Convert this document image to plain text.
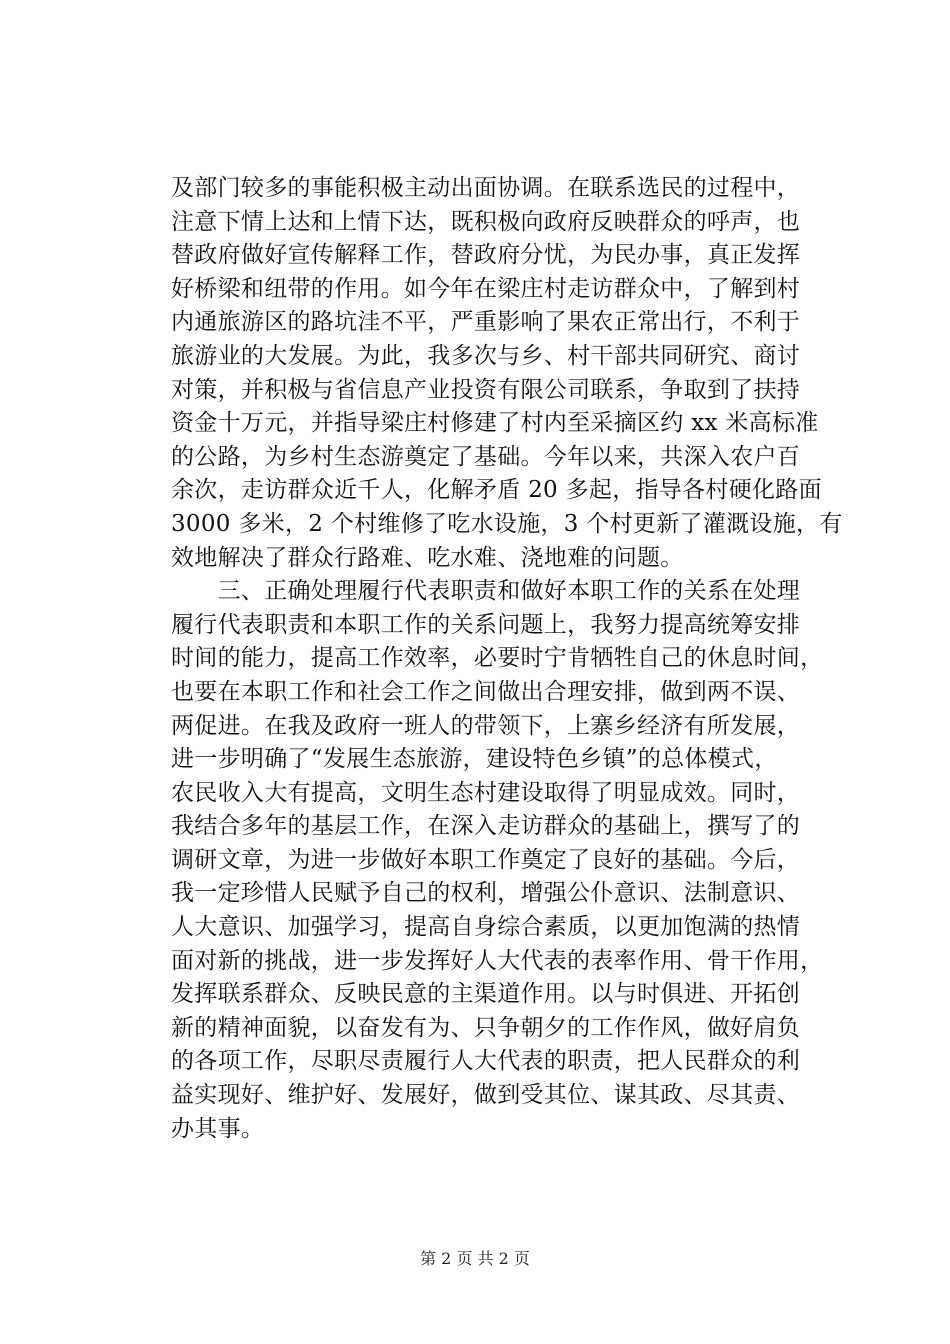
及部门较多的事能积极主动出面协调。在联系选民的过程中，
注意下情上达和上情下达，既积极向政府反映群众的呼声，也
替政府做好宣传解释工作，替政府分忧，为民办事，真正发挥
好桥梁和纽带的作用。如今年在梁庄村走访群众中，了解到村
内通旅游区的路坑洼不平，严重影响了果农正常出行，不利于
旅游业的大发展。为此，我多次与乡、村干部共同研究、商讨
对策，并积极与省信息产业投资有限公司联系，争取到了扶持
资金十万元，并指导梁庄村修建了村内至采摘区约 xx 米高标准
的公路，为乡村生态游奠定了基础。今年以来，共深入农户百
余次，走访群众近千人，化解矛盾 20 多起，指导各村硬化路面
3000 多米，2 个村维修了吃水设施，3 个村更新了灌溉设施，有
效地解决了群众行路难、吃水难、浇地难的问题。
　　三、正确处理履行代表职责和做好本职工作的关系在处理
履行代表职责和本职工作的关系问题上，我努力提高统筹安排
时间的能力，提高工作效率，必要时宁肯牺牲自己的休息时间，
也要在本职工作和社会工作之间做出合理安排，做到两不误、
两促进。在我及政府一班人的带领下，上寨乡经济有所发展，
进一步明确了“发展生态旅游，建设特色乡镇”的总体模式，
农民收入大有提高，文明生态村建设取得了明显成效。同时，
我结合多年的基层工作，在深入走访群众的基础上，撰写了的
调研文章，为进一步做好本职工作奠定了良好的基础。今后，
我一定珍惜人民赋予自己的权利，增强公仆意识、法制意识、
人大意识、加强学习，提高自身综合素质，以更加饱满的热情
面对新的挑战，进一步发挥好人大代表的表率作用、骨干作用，
发挥联系群众、反映民意的主渠道作用。以与时俱进、开拓创
新的精神面貌，以奋发有为、只争朝夕的工作作风，做好肩负
的各项工作，尽职尽责履行人大代表的职责，把人民群众的利
益实现好、维护好、发展好，做到受其位、谋其政、尽其责、
办其事。
第 2 页 共 2 页
